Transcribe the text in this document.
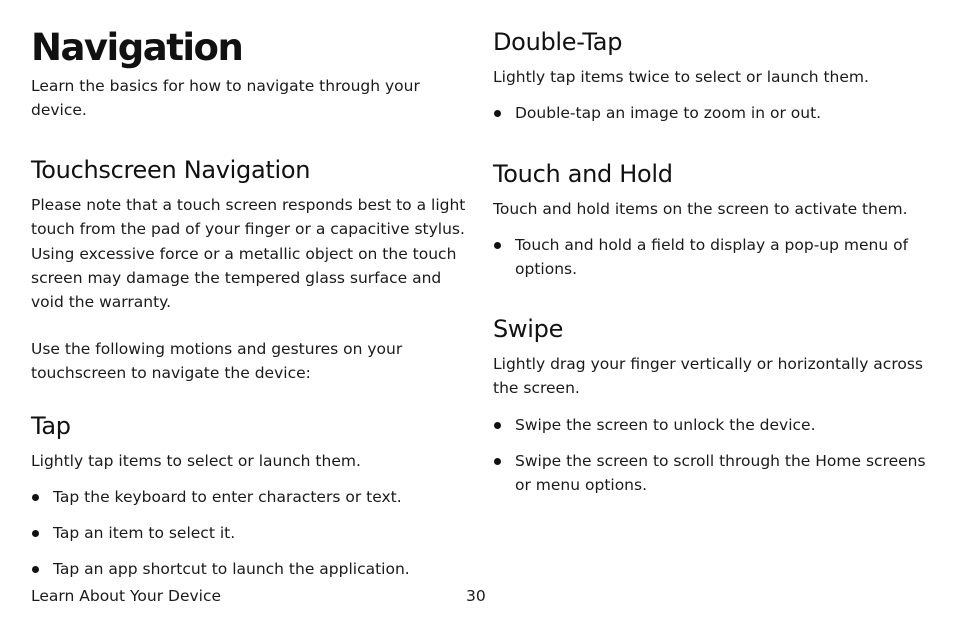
Navigation

Learn the basics for how to navigate through your device.

Touchscreen Navigation

Please note that a touch screen responds best to a light touch from the pad of your finger or a capacitive stylus. Using excessive force or a metallic object on the touch screen may damage the tempered glass surface and void the warranty.

Use the following motions and gestures on your touchscreen to navigate the device:

Tap

Lightly tap items to select or launch them.

Tap the keyboard to enter characters or text.
Tap an item to select it.
Tap an app shortcut to launch the application.
Double-Tap

Lightly tap items twice to select or launch them.

Double-tap an image to zoom in or out.
Touch and Hold

Touch and hold items on the screen to activate them.

Touch and hold a field to display a pop-up menu of options.
Swipe

Lightly drag your finger vertically or horizontally across the screen.

Swipe the screen to unlock the device.
Swipe the screen to scroll through the Home screens or menu options.
Learn About Your Device	30
